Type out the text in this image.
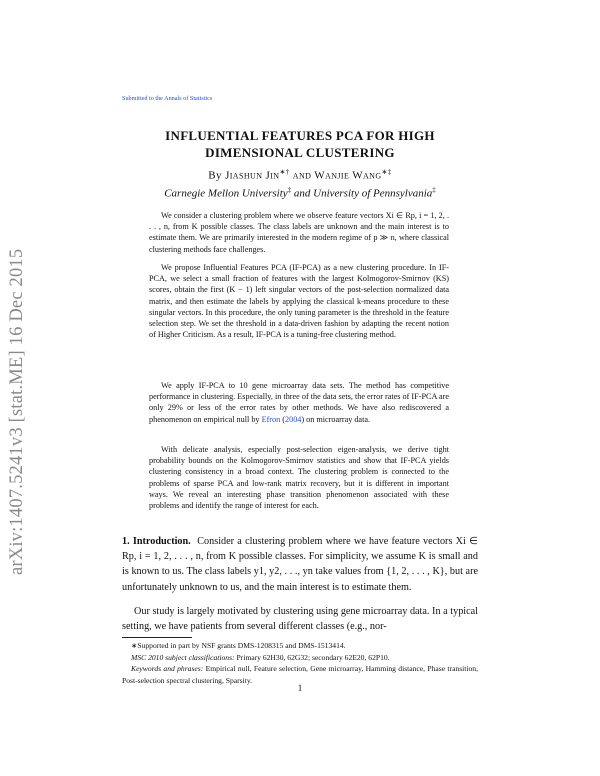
arXiv:1407.5241v3 [stat.ME] 16 Dec 2015
Submitted to the Annals of Statistics
INFLUENTIAL FEATURES PCA FOR HIGH
DIMENSIONAL CLUSTERING
By Jiashun Jin∗† and Wanjie Wang∗‡
Carnegie Mellon University‡ and University of Pennsylvania‡

We consider a clustering problem where we observe feature vectors Xi ∈ Rp, i = 1, 2, . . . , n, from K possible classes. The class labels are unknown and the main interest is to estimate them. We are primarily interested in the modern regime of p ≫ n, where classical clustering methods face challenges.

We propose Influential Features PCA (IF-PCA) as a new clustering procedure. In IF-PCA, we select a small fraction of features with the largest Kolmogorov-Smirnov (KS) scores, obtain the first (K − 1) left singular vectors of the post-selection normalized data matrix, and then estimate the labels by applying the classical k-means procedure to these singular vectors. In this procedure, the only tuning parameter is the threshold in the feature selection step. We set the threshold in a data-driven fashion by adapting the recent notion of Higher Criticism. As a result, IF-PCA is a tuning-free clustering method.

We apply IF-PCA to 10 gene microarray data sets. The method has competitive performance in clustering. Especially, in three of the data sets, the error rates of IF-PCA are only 29% or less of the error rates by other methods. We have also rediscovered a phenomenon on empirical null by Efron (2004) on microarray data.

With delicate analysis, especially post-selection eigen-analysis, we derive tight probability bounds on the Kolmogorov-Smirnov statistics and show that IF-PCA yields clustering consistency in a broad context. The clustering problem is connected to the problems of sparse PCA and low-rank matrix recovery, but it is different in important ways. We reveal an interesting phase transition phenomenon associated with these problems and identify the range of interest for each.

1. Introduction. Consider a clustering problem where we have feature vectors Xi ∈ Rp, i = 1, 2, . . . , n, from K possible classes. For simplicity, we assume K is small and is known to us. The class labels y1, y2, . . ., yn take values from {1, 2, . . . , K}, but are unfortunately unknown to us, and the main interest is to estimate them.

Our study is largely motivated by clustering using gene microarray data. In a typical setting, we have patients from several different classes (e.g., nor-

∗Supported in part by NSF grants DMS-1208315 and DMS-1513414.

MSC 2010 subject classifications: Primary 62H30, 62G32; secondary 62E20, 62P10.

Keywords and phrases: Empirical null, Feature selection, Gene microarray, Hamming distance, Phase transition, Post-selection spectral clustering, Sparsity.

1
